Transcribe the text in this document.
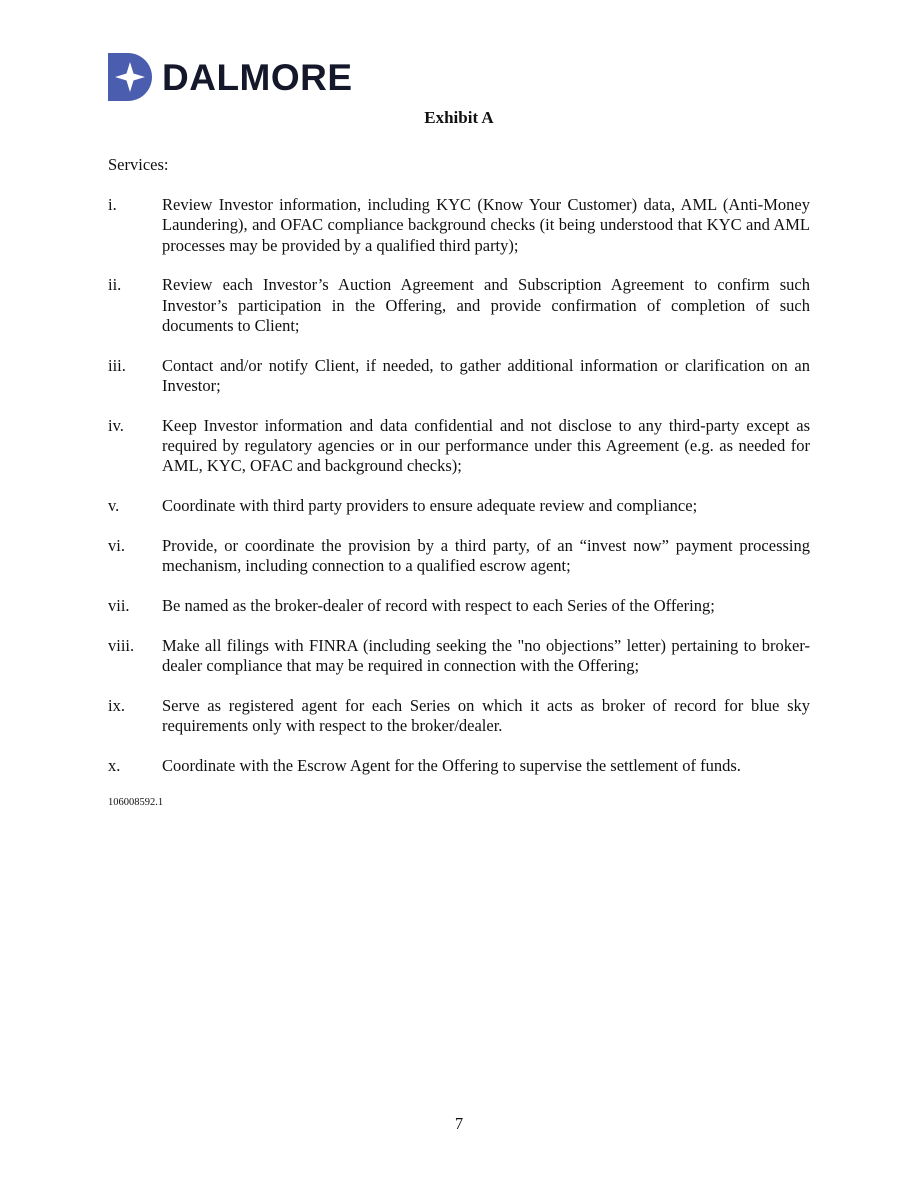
DALMORE
Exhibit A
Services:
i.	Review Investor information, including KYC (Know Your Customer) data, AML (Anti-Money Laundering), and OFAC compliance background checks (it being understood that KYC and AML processes may be provided by a qualified third party);
ii.	Review each Investor’s Auction Agreement and Subscription Agreement to confirm such Investor’s participation in the Offering, and provide confirmation of completion of such documents to Client;
iii.	Contact and/or notify Client, if needed, to gather additional information or clarification on an Investor;
iv.	Keep Investor information and data confidential and not disclose to any third-party except as required by regulatory agencies or in our performance under this Agreement (e.g. as needed for AML, KYC, OFAC and background checks);
v.	Coordinate with third party providers to ensure adequate review and compliance;
vi.	Provide, or coordinate the provision by a third party, of an “invest now” payment processing mechanism, including connection to a qualified escrow agent;
vii.	Be named as the broker-dealer of record with respect to each Series of the Offering;
viii.	Make all filings with FINRA (including seeking the "no objections” letter) pertaining to broker- dealer compliance that may be required in connection with the Offering;
ix.	Serve as registered agent for each Series on which it acts as broker of record for blue sky requirements only with respect to the broker/dealer.
x.	Coordinate with the Escrow Agent for the Offering to supervise the settlement of funds.
106008592.1
7
